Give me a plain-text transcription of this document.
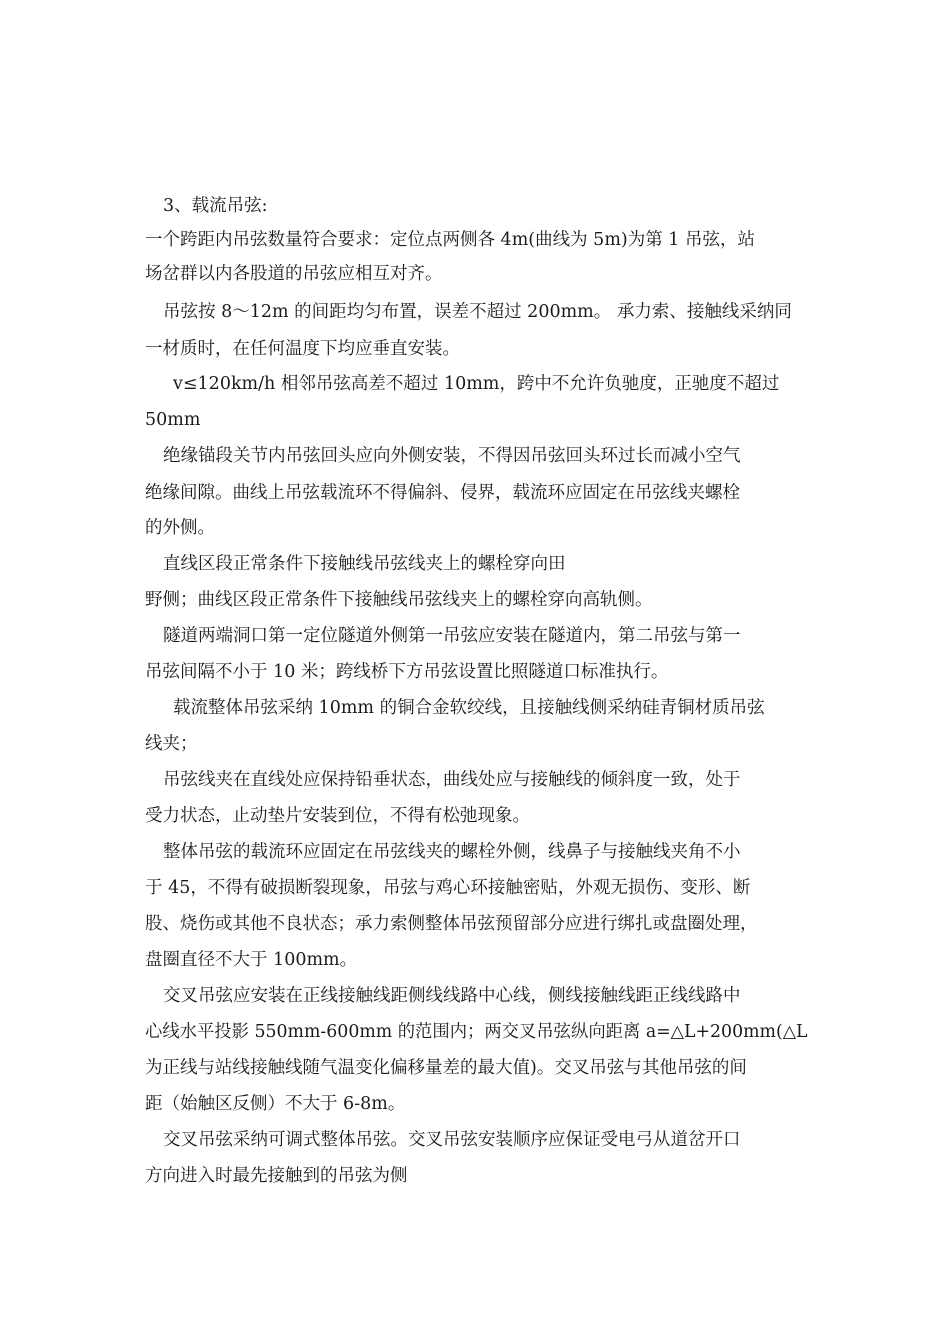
3、载流吊弦:
一个跨距内吊弦数量符合要求：定位点两侧各 4m(曲线为 5m)为第 1 吊弦，站
场岔群以内各股道的吊弦应相互对齐。
吊弦按 8～12m 的间距均匀布置，误差不超过 200mm。 承力索、接触线采纳同
一材质时，在任何温度下均应垂直安装。
v≤120km/h 相邻吊弦高差不超过 10mm，跨中不允许负驰度，正驰度不超过
50mm
绝缘锚段关节内吊弦回头应向外侧安装，不得因吊弦回头环过长而减小空气
绝缘间隙。曲线上吊弦载流环不得偏斜、侵界，载流环应固定在吊弦线夹螺栓
的外侧。
直线区段正常条件下接触线吊弦线夹上的螺栓穿向田
野侧；曲线区段正常条件下接触线吊弦线夹上的螺栓穿向高轨侧。
隧道两端洞口第一定位隧道外侧第一吊弦应安装在隧道内，第二吊弦与第一
吊弦间隔不小于 10 米；跨线桥下方吊弦设置比照隧道口标准执行。
载流整体吊弦采纳 10mm 的铜合金软绞线，且接触线侧采纳硅青铜材质吊弦
线夹；
吊弦线夹在直线处应保持铅垂状态，曲线处应与接触线的倾斜度一致，处于
受力状态，止动垫片安装到位，不得有松弛现象。
整体吊弦的载流环应固定在吊弦线夹的螺栓外侧，线鼻子与接触线夹角不小
于 45，不得有破损断裂现象，吊弦与鸡心环接触密贴，外观无损伤、变形、断
股、烧伤或其他不良状态；承力索侧整体吊弦预留部分应进行绑扎或盘圈处理，
盘圈直径不大于 100mm。
交叉吊弦应安装在正线接触线距侧线线路中心线，侧线接触线距正线线路中
心线水平投影 550mm-600mm 的范围内；两交叉吊弦纵向距离 a=△L+200mm(△L
为正线与站线接触线随气温变化偏移量差的最大值)。交叉吊弦与其他吊弦的间
距（始触区反侧）不大于 6-8m。
交叉吊弦采纳可调式整体吊弦。交叉吊弦安装顺序应保证受电弓从道岔开口
方向进入时最先接触到的吊弦为侧
